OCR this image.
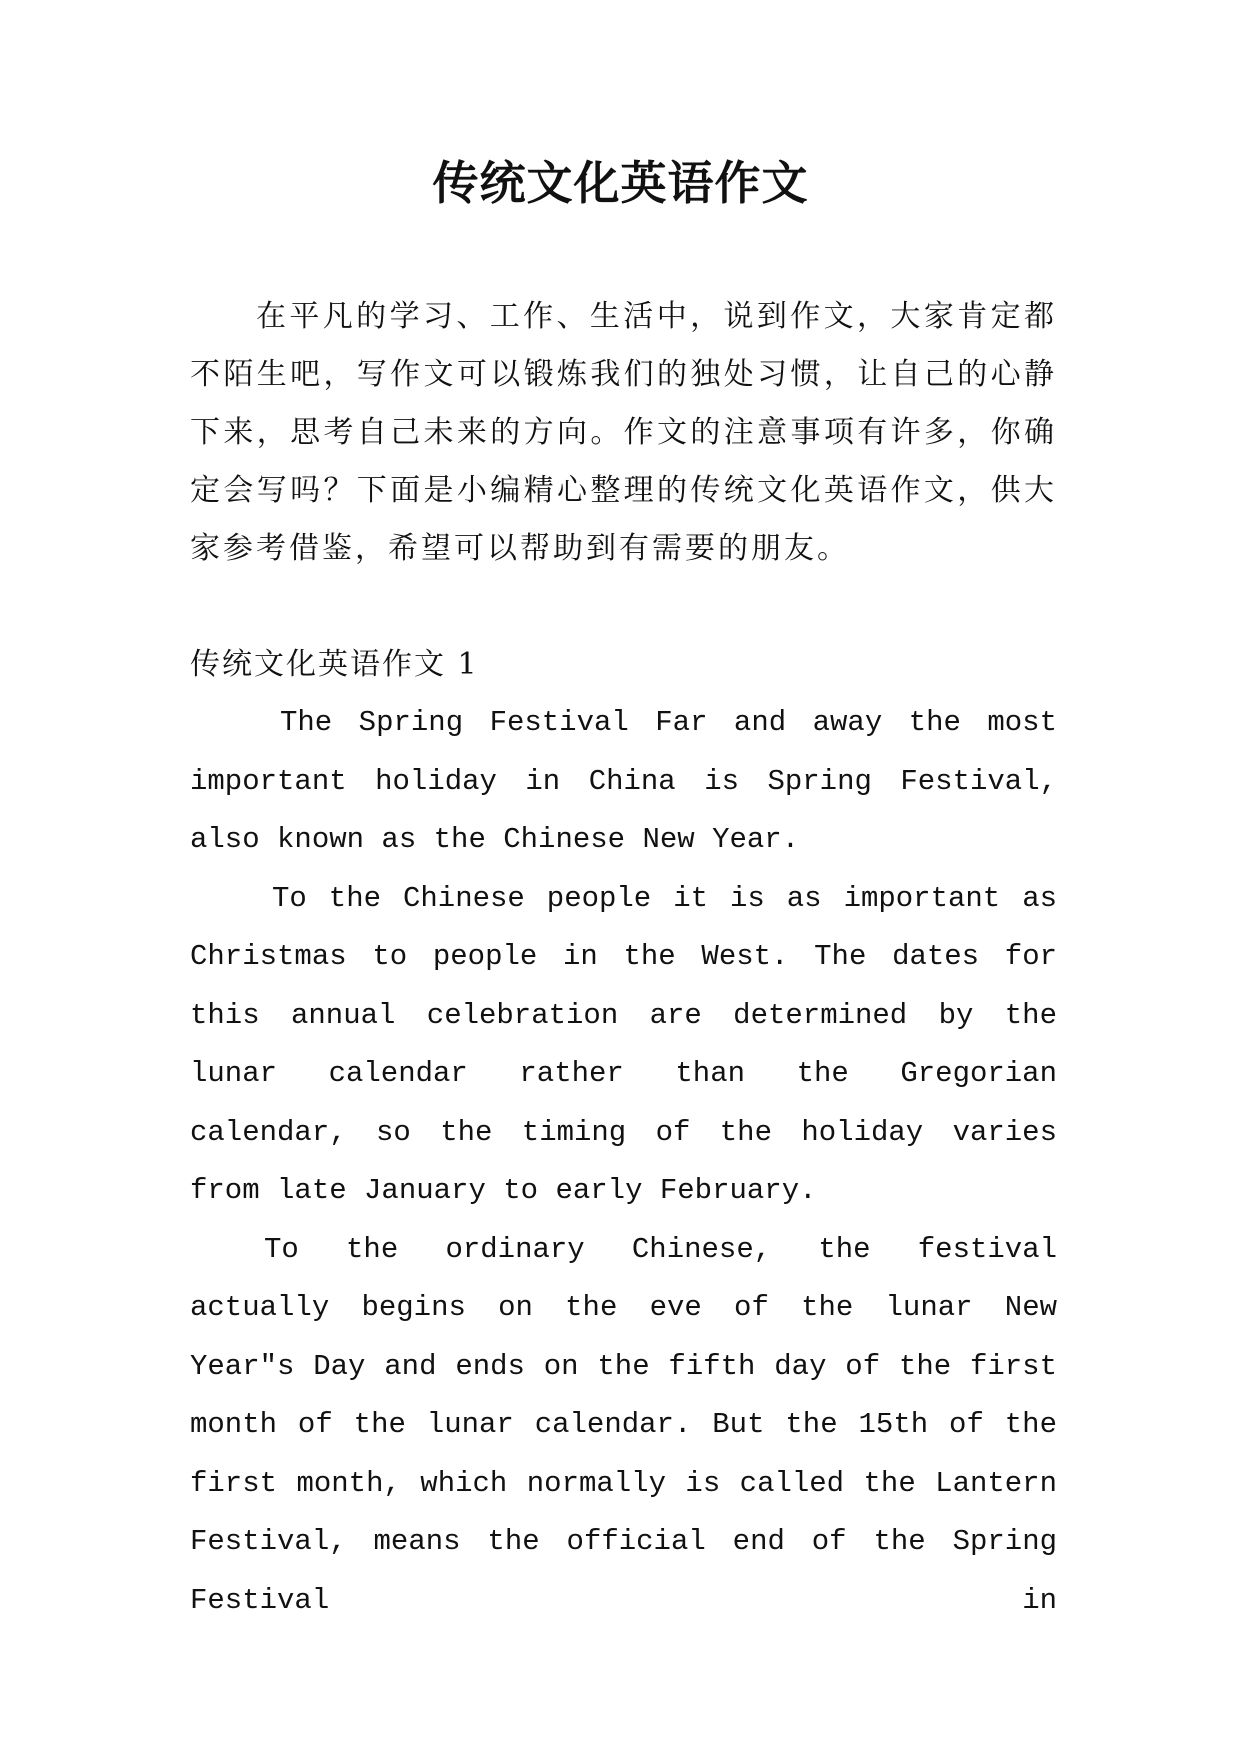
传统文化英语作文

在平凡的学习、工作、生活中，说到作文，大家肯定都不陌生吧，写作文可以锻炼我们的独处习惯，让自己的心静下来，思考自己未来的方向。作文的注意事项有许多，你确定会写吗？下面是小编精心整理的传统文化英语作文，供大家参考借鉴，希望可以帮助到有需要的朋友。

传统文化英语作文 1

The Spring Festival Far and away the most important holiday in China is Spring Festival, also known as the Chinese New Year.

To the Chinese people it is as important as Christmas to people in the West. The dates for this annual celebration are determined by the lunar calendar rather than the Gregorian calendar, so the timing of the holiday varies from late January to early February.

To the ordinary Chinese, the festival actually begins on the eve of the lunar New Year"s Day and ends on the fifth day of the first month of the lunar calendar. But the 15th of the first month, which normally is called the Lantern Festival, means the official end of the Spring Festival in
